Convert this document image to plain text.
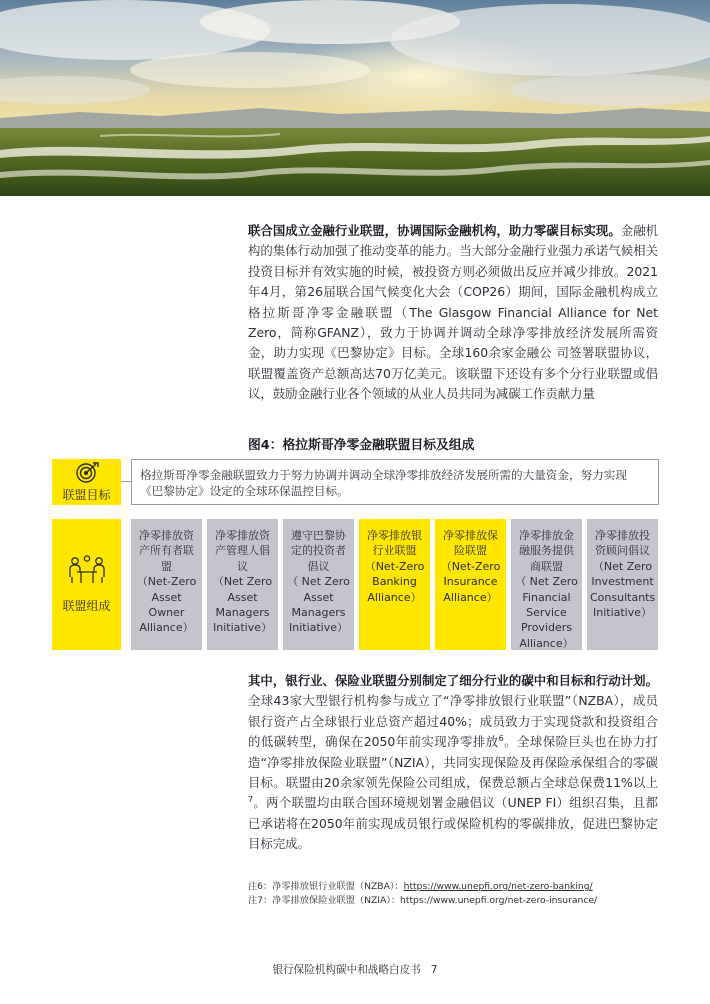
联合国成立金融行业联盟，协调国际金融机构，助力零碳目标实现。金融机构的集体行动加强了推动变革的能力。当大部分金融行业强力承诺气候相关投资目标并有效实施的时候，被投资方则必须做出反应并减少排放。2021年4月，第26届联合国气候变化大会（COP26）期间，国际金融机构成立格拉斯哥净零金融联盟（The Glasgow Financial Alliance for Net Zero，简称GFANZ），致力于协调并调动全球净零排放经济发展所需资金，助力实现《巴黎协定》目标。全球160余家金融公 司签署联盟协议，联盟覆盖资产总额高达70万亿美元。该联盟下还设有多个分行业联盟或倡议，鼓励金融行业各个领域的从业人员共同为减碳工作贡献力量
图4：格拉斯哥净零金融联盟目标及组成
联盟目标
格拉斯哥净零金融联盟致力于努力协调并调动全球净零排放经济发展所需的大量资金，努力实现《巴黎协定》设定的全球环保温控目标。
联盟组成
净零排放资产所有者联盟
（Net-Zero Asset Owner Alliance）
净零排放资产管理人倡议
（Net Zero Asset Managers Initiative）
遵守巴黎协定的投资者倡议
（ Net Zero Asset Managers Initiative）
净零排放银行业联盟
（Net-Zero Banking Alliance）
净零排放保险联盟
（Net-Zero Insurance Alliance）
净零排放金融服务提供商联盟
（ Net Zero Financial Service Providers Alliance）
净零排放投资顾问倡议
（Net Zero Investment Consultants Initiative）
其中，银行业、保险业联盟分别制定了细分行业的碳中和目标和行动计划。全球43家大型银行机构参与成立了“净零排放银行业联盟”（NZBA），成员银行资产占全球银行业总资产超过40%；成员致力于实现贷款和投资组合的低碳转型，确保在2050年前实现净零排放$^6$。全球保险巨头也在协力打造“净零排放保险业联盟”（NZIA），共同实现保险及再保险承保组合的零碳目标。联盟由20余家领先保险公司组成，保费总额占全球总保费11%以上$^7$。两个联盟均由联合国环境规划署金融倡议（UNEP FI）组织召集，且都已承诺将在2050年前实现成员银行或保险机构的零碳排放，促进巴黎协定目标完成。
注6：净零排放银行业联盟（NZBA）：https://www.unepfi.org/net-zero-banking/
注7：净零排放保险业联盟（NZIA）：https://www.unepfi.org/net-zero-insurance/
银行保险机构碳中和战略白皮书 7
